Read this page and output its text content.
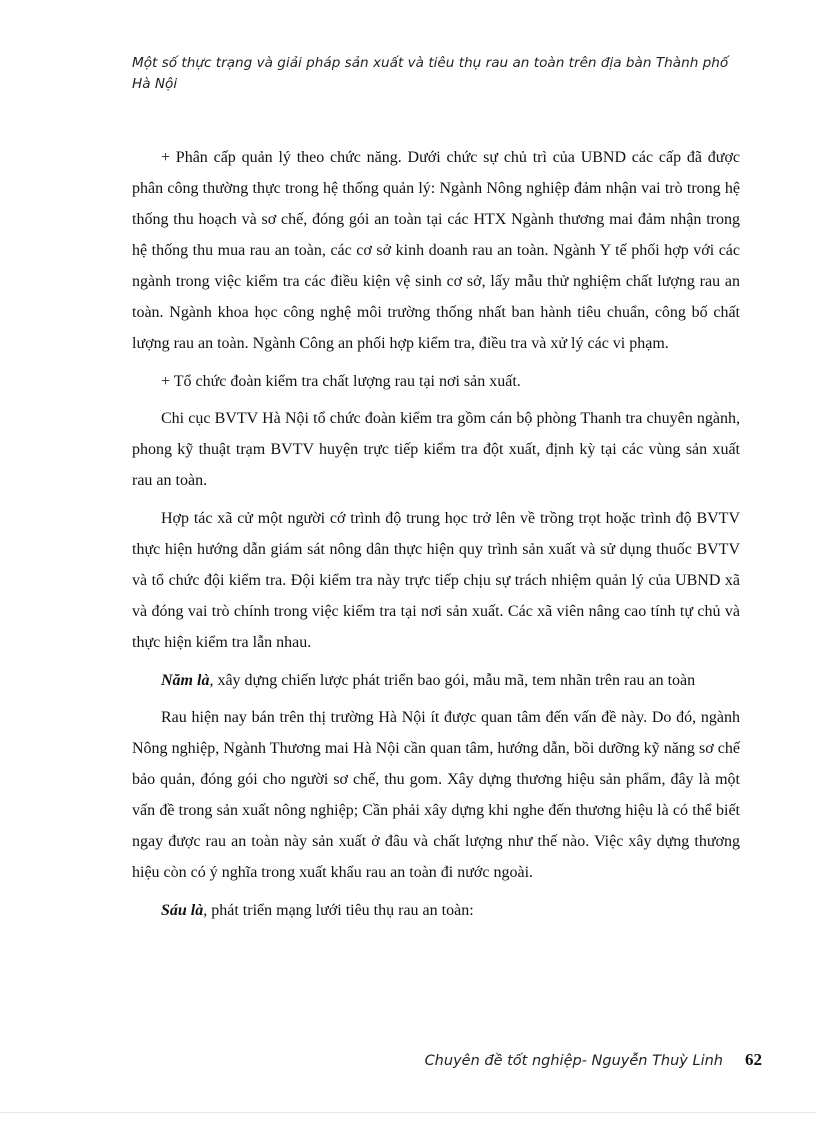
Một số thực trạng và giải pháp sản xuất và tiêu thụ rau an toàn trên địa bàn Thành phố Hà Nội

+ Phân cấp quản lý theo chức năng. Dưới chức sự chủ trì của UBND các cấp đã được phân công thường thực trong hệ thống quản lý: Ngành Nông nghiệp đảm nhận vai trò trong hệ thống thu hoạch và sơ chế, đóng gói an toàn tại các HTX Ngành thương mai đảm nhận trong hệ thống thu mua rau an toàn, các cơ sở kinh doanh rau an toàn. Ngành Y tế phối hợp với các ngành trong việc kiểm tra các điều kiện vệ sinh cơ sở, lấy mẫu thử nghiệm chất lượng rau an toàn. Ngành khoa học công nghệ môi trường thống nhất ban hành tiêu chuẩn, công bố chất lượng rau an toàn. Ngành Công an phối hợp kiểm tra, điều tra và xử lý các vi phạm.

+ Tổ chức đoàn kiểm tra chất lượng rau tại nơi sản xuất.

Chi cục BVTV Hà Nội tổ chức đoàn kiểm tra gồm cán bộ phòng Thanh tra chuyên ngành, phong kỹ thuật trạm BVTV huyện trực tiếp kiểm tra đột xuất, định kỳ tại các vùng sản xuất rau an toàn.

Hợp tác xã cử một người cớ trình độ trung học trở lên về trồng trọt hoặc trình độ BVTV thực hiện hướng dẫn giám sát nông dân thực hiện quy trình sản xuất và sử dụng thuốc BVTV và tổ chức đội kiểm tra. Đội kiểm tra này trực tiếp chịu sự trách nhiệm quản lý của UBND xã và đóng vai trò chính trong việc kiểm tra tại nơi sản xuất. Các xã viên nâng cao tính tự chủ và thực hiện kiểm tra lẫn nhau.

Năm là, xây dựng chiến lược phát triển bao gói, mẫu mã, tem nhãn trên rau an toàn

Rau hiện nay bán trên thị trường Hà Nội ít được quan tâm đến vấn đề này. Do đó, ngành Nông nghiệp, Ngành Thương mai Hà Nội cần quan tâm, hướng dẫn, bồi dưỡng kỹ năng sơ chế bảo quản, đóng gói cho người sơ chế, thu gom. Xây dựng thương hiệu sản phẩm, đây là một vấn đề trong sản xuất nông nghiệp; Cần phải xây dựng khi nghe đến thương hiệu là có thể biết ngay được rau an toàn này sản xuất ở đâu và chất lượng như thế nào. Việc xây dựng thương hiệu còn có ý nghĩa trong xuất khẩu rau an toàn đi nước ngoài.

Sáu là, phát triển mạng lưới tiêu thụ rau an toàn:

Chuyên đề tốt nghiệp- Nguyễn Thuỳ Linh 62
